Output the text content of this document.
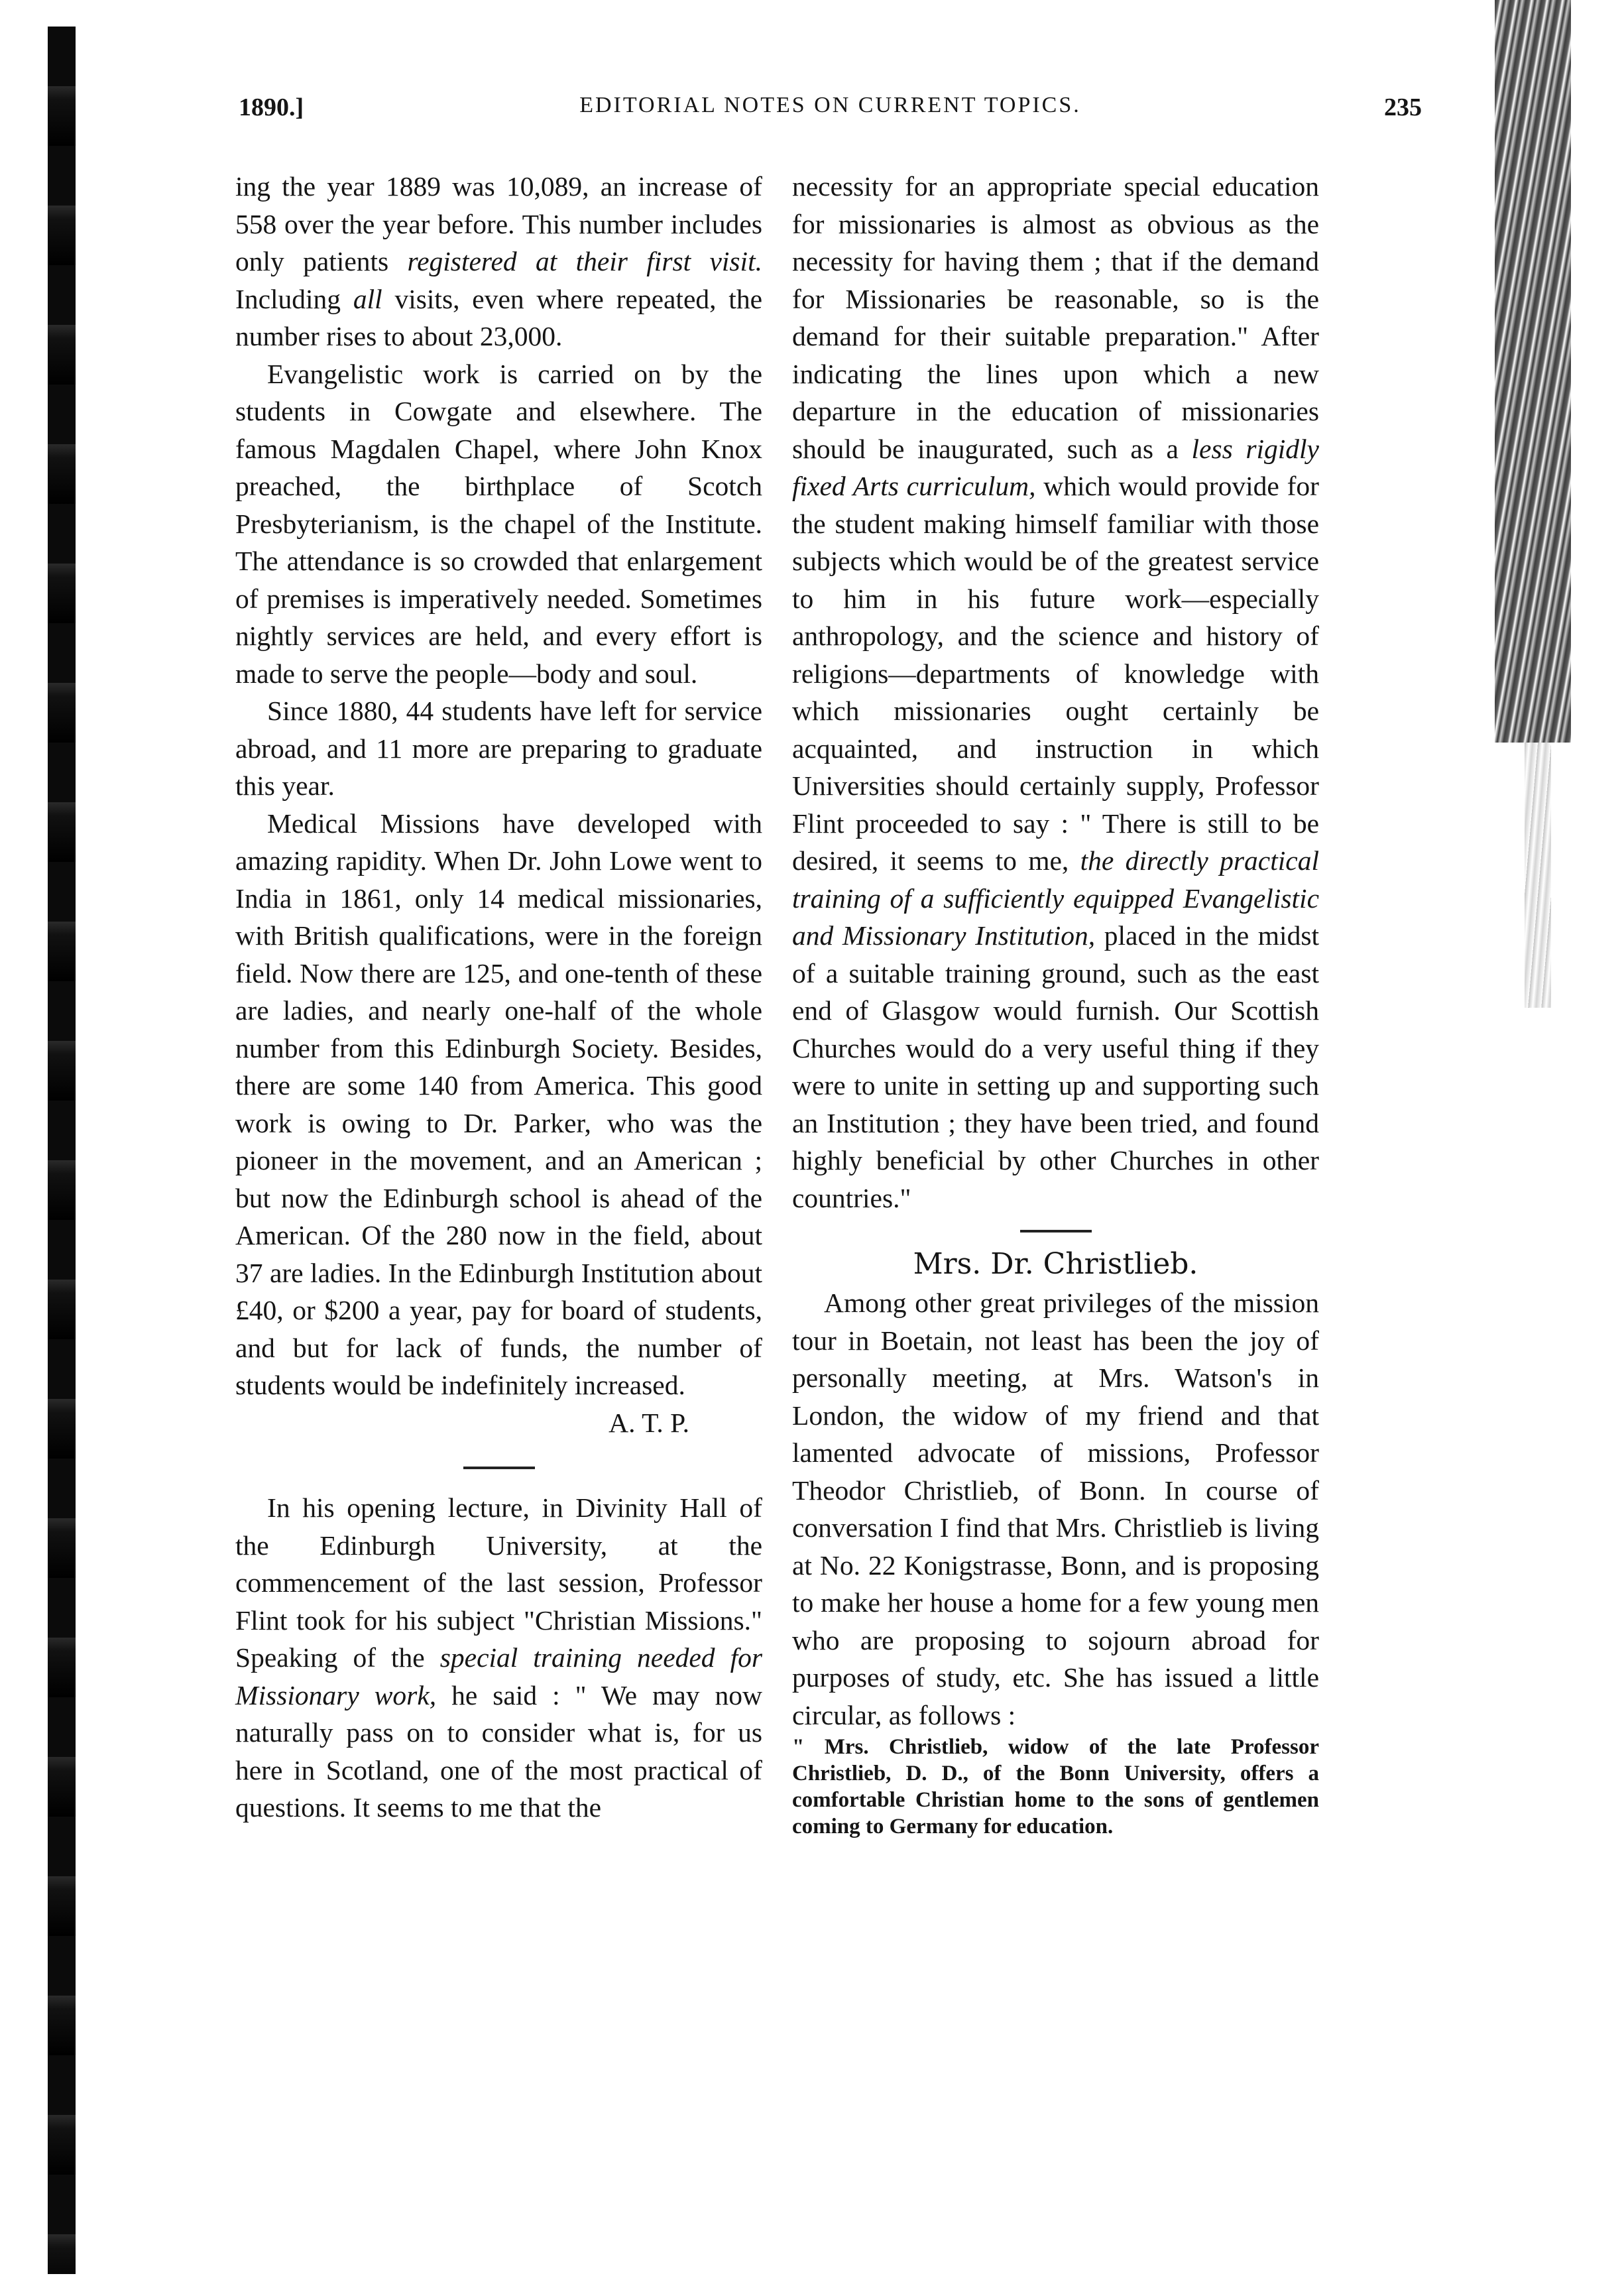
1890.]	EDITORIAL NOTES ON CURRENT TOPICS.	235

ing the year 1889 was 10,089, an increase of 558 over the year before. This number includes only patients registered at their first visit. Including all visits, even where repeated, the number rises to about 23,000.

Evangelistic work is carried on by the students in Cowgate and elsewhere. The famous Magdalen Chapel, where John Knox preached, the birthplace of Scotch Presbyterianism, is the chapel of the Institute. The attendance is so crowded that enlargement of premises is imperatively needed. Sometimes nightly services are held, and every effort is made to serve the people—body and soul.

Since 1880, 44 students have left for service abroad, and 11 more are preparing to graduate this year.

Medical Missions have developed with amazing rapidity. When Dr. John Lowe went to India in 1861, only 14 medical missionaries, with British qualifications, were in the foreign field. Now there are 125, and one-tenth of these are ladies, and nearly one-half of the whole number from this Edinburgh Society. Besides, there are some 140 from America. This good work is owing to Dr. Parker, who was the pioneer in the movement, and an American ; but now the Edinburgh school is ahead of the American. Of the 280 now in the field, about 37 are ladies. In the Edinburgh Institution about £40, or $200 a year, pay for board of students, and but for lack of funds, the number of students would be indefinitely increased.

A. T. P.

In his opening lecture, in Divinity Hall of the Edinburgh University, at the commencement of the last session, Professor Flint took for his subject "Christian Missions." Speaking of the special training needed for Missionary work, he said : " We may now naturally pass on to consider what is, for us here in Scotland, one of the most practical of questions. It seems to me that the

necessity for an appropriate special education for missionaries is almost as obvious as the necessity for having them ; that if the demand for Missionaries be reasonable, so is the demand for their suitable preparation." After indicating the lines upon which a new departure in the education of missionaries should be inaugurated, such as a less rigidly fixed Arts curriculum, which would provide for the student making himself familiar with those subjects which would be of the greatest service to him in his future work—especially anthropology, and the science and history of religions—departments of knowledge with which missionaries ought certainly be acquainted, and instruction in which Universities should certainly supply, Professor Flint proceeded to say : " There is still to be desired, it seems to me, the directly practical training of a sufficiently equipped Evangelistic and Missionary Institution, placed in the midst of a suitable training ground, such as the east end of Glasgow would furnish. Our Scottish Churches would do a very useful thing if they were to unite in setting up and supporting such an Institution ; they have been tried, and found highly beneficial by other Churches in other countries."

Mrs. Dr. Christlieb.

Among other great privileges of the mission tour in Boetain, not least has been the joy of personally meeting, at Mrs. Watson's in London, the widow of my friend and that lamented advocate of missions, Professor Theodor Christlieb, of Bonn. In course of conversation I find that Mrs. Christlieb is living at No. 22 Konigstrasse, Bonn, and is proposing to make her house a home for a few young men who are proposing to sojourn abroad for purposes of study, etc. She has issued a little circular, as follows :

" Mrs. Christlieb, widow of the late Professor Christlieb, D. D., of the Bonn University, offers a comfortable Christian home to the sons of gentlemen coming to Germany for education.
